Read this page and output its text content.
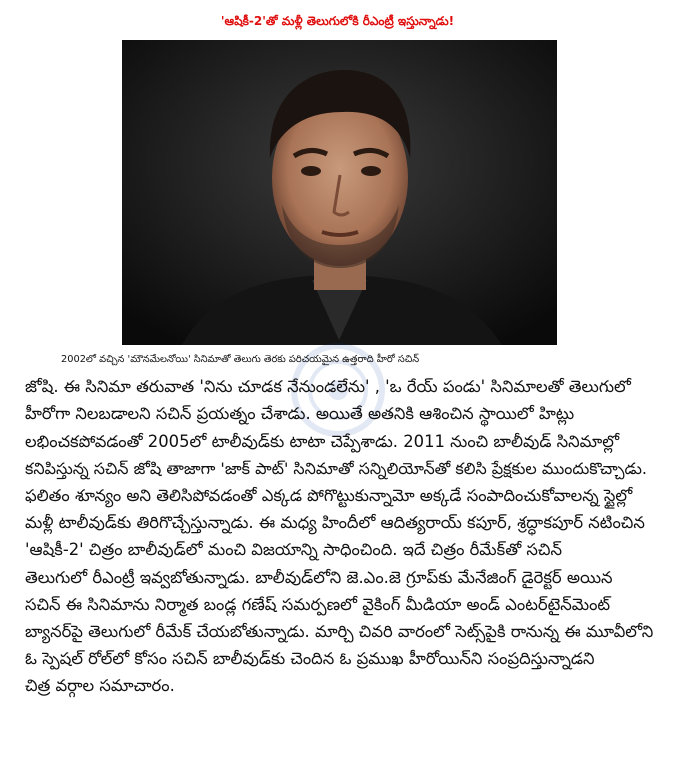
'ఆషికీ-2'తో మళ్లీ తెలుగులోకి రీఎంట్రీ ఇస్తున్నాడు!

2002లో వచ్చిన 'మౌనమేలనోయి' సినిమాతో తెలుగు తెరకు పరిచయమైన ఉత్తరాది హీరో సచిన్

జోషి. ఈ సినిమా తరువాత 'నిను చూడక నేనుండలేను' , 'ఒ రేయ్ పండు' సినిమాలతో తెలుగులో

హీరోగా నిలబడాలని సచిన్ ప్రయత్నం చేశాడు. అయితే అతనికి ఆశించిన స్థాయిలో హిట్లు

లభించకపోవడంతో 2005లో టాలీవుడ్‌కు టాటా చెప్పేశాడు. 2011 నుంచి బాలీవుడ్ సినిమాల్లో

కనిపిస్తున్న సచిన్ జోషి తాజాగా 'జాక్ పాట్' సినిమాతో సన్నిలియోన్‌తో కలిసి ప్రేక్షకుల ముందుకొచ్చాడు.

ఫలితం శూన్యం అని తెలిసిపోవడంతో ఎక్కడ పోగొట్టుకున్నామో అక్కడే సంపాదించుకోవాలన్న స్టైల్లో

మళ్లీ టాలీవుడ్‌కు తిరిగొచ్చేస్తున్నాడు. ఈ మధ్య హిందీలో ఆదిత్యరాయ్ కపూర్, శ్రద్ధాకపూర్ నటించిన

'ఆషికీ-2' చిత్రం బాలీవుడ్‌లో మంచి విజయాన్ని సాధించింది. ఇదే చిత్రం రీమేక్‌తో సచిన్

తెలుగులో రీఎంట్రీ ఇవ్వబోతున్నాడు. బాలీవుడ్‌లోని జె.ఎం.జె గ్రూప్‌కు మేనేజింగ్ డైరెక్టర్ అయిన

సచిన్ ఈ సినిమాను నిర్మాత బండ్ల గణేష్ సమర్పణలో వైకింగ్ మీడియా అండ్ ఎంటర్‌టైన్‌మెంట్

బ్యానర్‌పై తెలుగులో రీమేక్ చేయబోతున్నాడు. మార్చి చివరి వారంలో సెట్స్‌పైకి రానున్న ఈ మూవీలోని

ఓ స్పెషల్ రోల్‌లో కోసం సచిన్ బాలీవుడ్‌కు చెందిన ఓ ప్రముఖ హీరోయిన్‌ని సంప్రదిస్తున్నాడని

చిత్ర వర్గాల సమాచారం.
